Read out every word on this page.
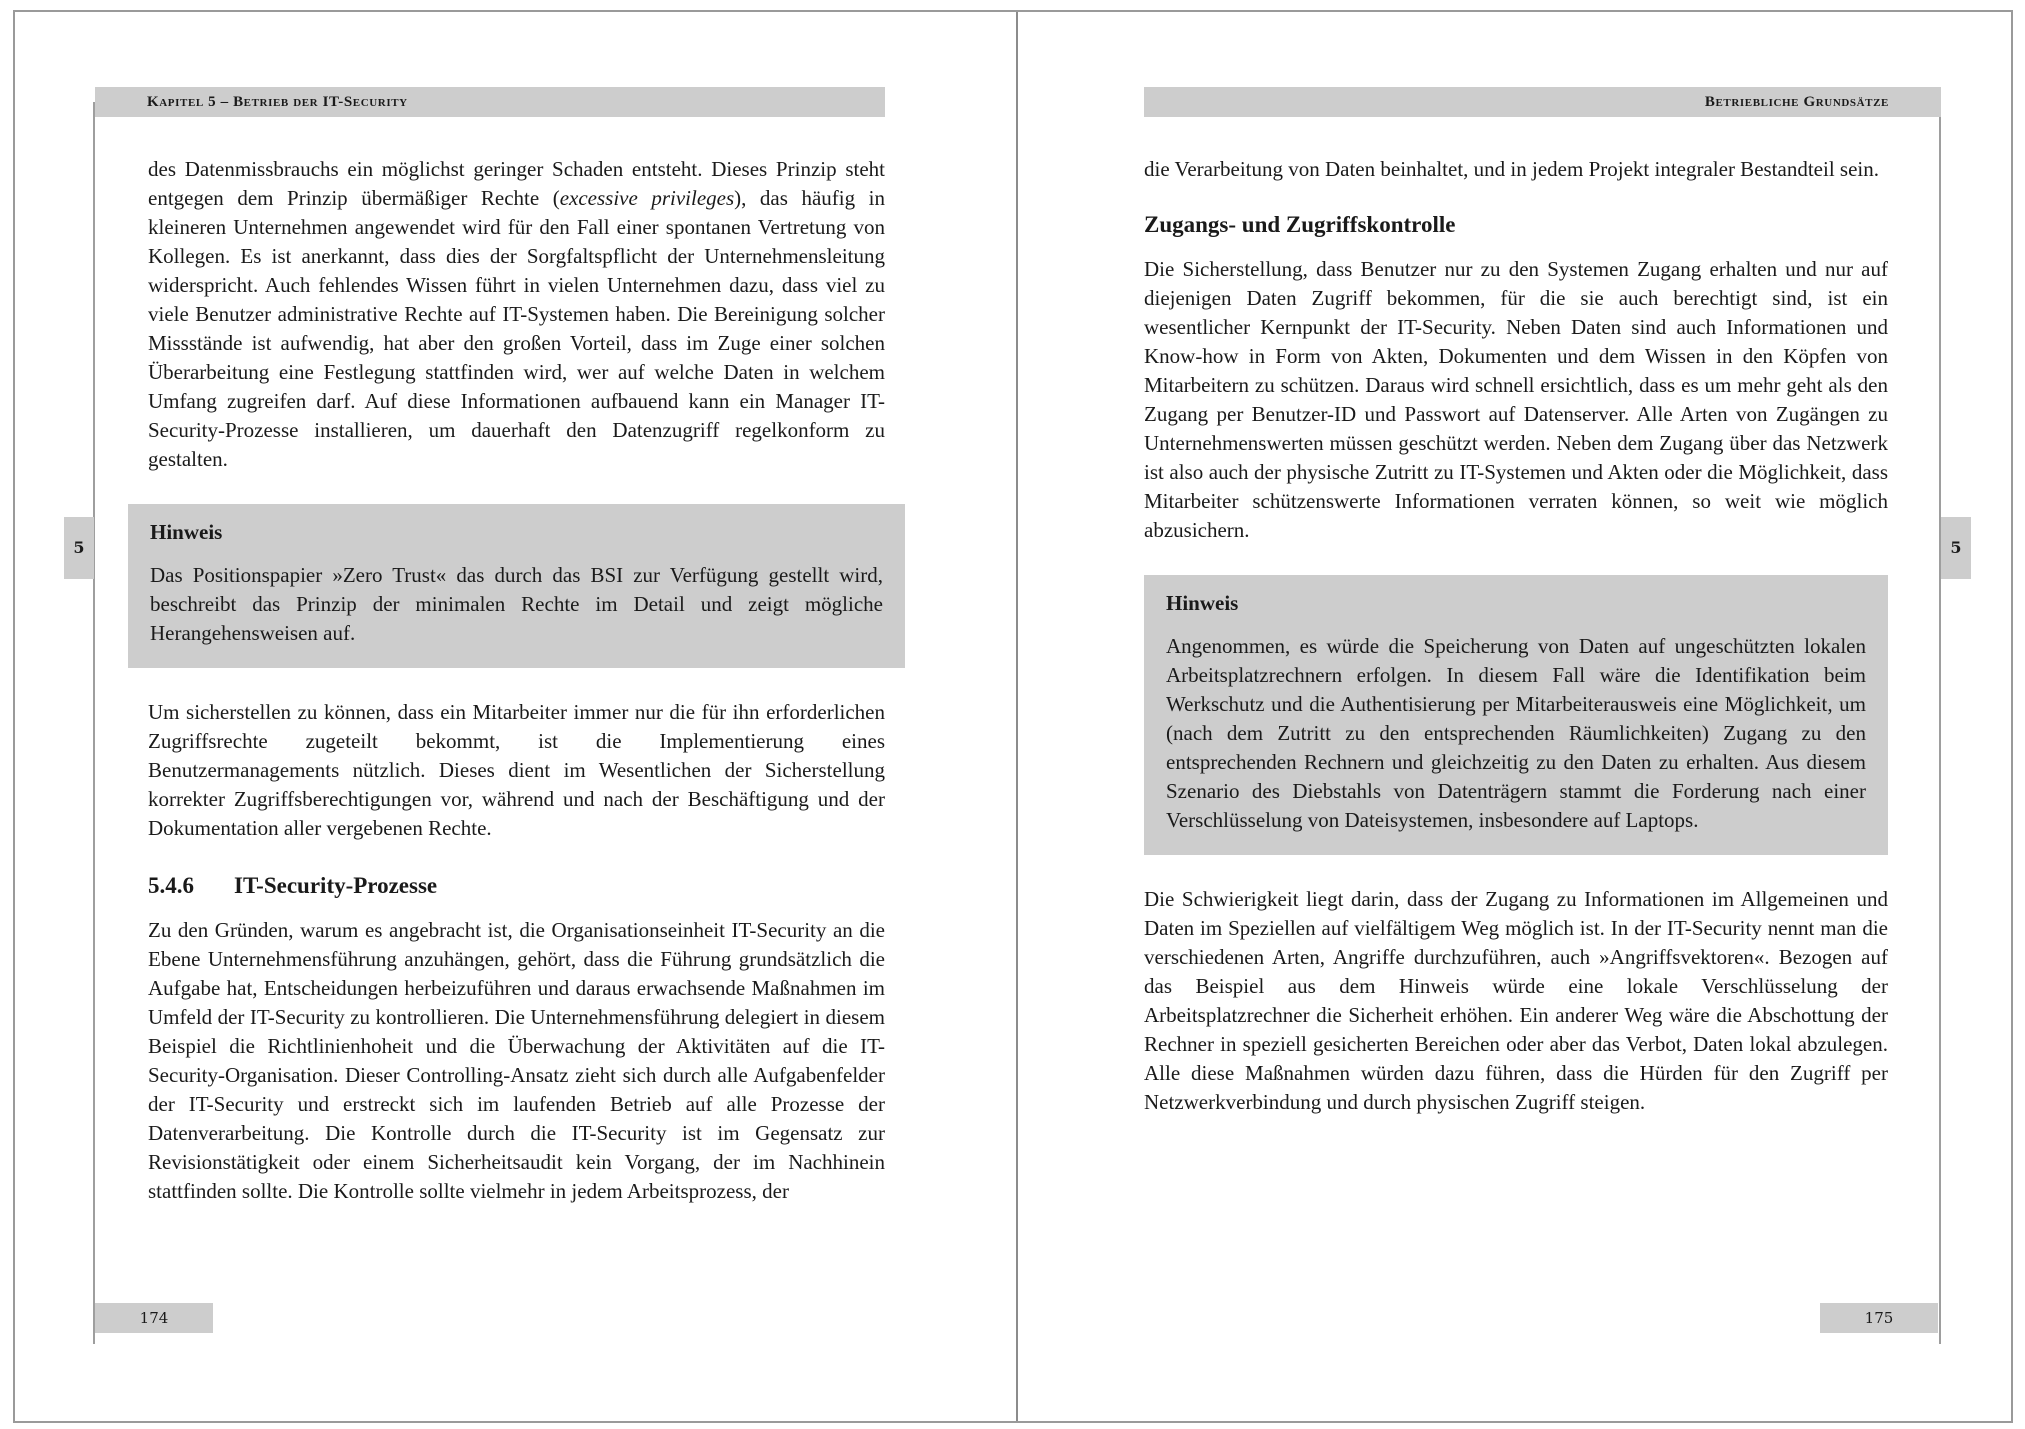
Kapitel 5 – Betrieb der IT-Security
5

des Datenmissbrauchs ein möglichst geringer Schaden entsteht. Dieses Prinzip steht entgegen dem Prinzip übermäßiger Rechte (excessive privileges), das häufig in kleineren Unternehmen angewendet wird für den Fall einer spontanen Vertretung von Kollegen. Es ist anerkannt, dass dies der Sorgfaltspflicht der Unternehmensleitung widerspricht. Auch fehlendes Wissen führt in vielen Unternehmen dazu, dass viel zu viele Benutzer administrative Rechte auf IT-Systemen haben. Die Bereinigung solcher Missstände ist aufwendig, hat aber den großen Vorteil, dass im Zuge einer solchen Überarbeitung eine Festlegung stattfinden wird, wer auf welche Daten in welchem Umfang zugreifen darf. Auf diese Informationen aufbauend kann ein Manager IT-Security-Prozesse installieren, um dauerhaft den Datenzugriff regelkonform zu gestalten.

Hinweis

Das Positionspapier »Zero Trust« das durch das BSI zur Verfügung gestellt wird, beschreibt das Prinzip der minimalen Rechte im Detail und zeigt mögliche Herangehensweisen auf.

Um sicherstellen zu können, dass ein Mitarbeiter immer nur die für ihn erforderlichen Zugriffsrechte zugeteilt bekommt, ist die Implementierung eines Benutzermanagements nützlich. Dieses dient im Wesentlichen der Sicherstellung korrekter Zugriffsberechtigungen vor, während und nach der Beschäftigung und der Dokumentation aller vergebenen Rechte.

5.4.6 IT-Security-Prozesse

Zu den Gründen, warum es angebracht ist, die Organisationseinheit IT-Security an die Ebene Unternehmensführung anzuhängen, gehört, dass die Führung grundsätzlich die Aufgabe hat, Entscheidungen herbeizuführen und daraus erwachsende Maßnahmen im Umfeld der IT-Security zu kontrollieren. Die Unternehmensführung delegiert in diesem Beispiel die Richtlinienhoheit und die Überwachung der Aktivitäten auf die IT-Security-Organisation. Dieser Controlling-Ansatz zieht sich durch alle Aufgabenfelder der IT-Security und erstreckt sich im laufenden Betrieb auf alle Prozesse der Datenverarbeitung. Die Kontrolle durch die IT-Security ist im Gegensatz zur Revisionstätigkeit oder einem Sicherheitsaudit kein Vorgang, der im Nachhinein stattfinden sollte. Die Kontrolle sollte vielmehr in jedem Arbeitsprozess, der

174
Betriebliche Grundsätze
5

die Verarbeitung von Daten beinhaltet, und in jedem Projekt integraler Bestandteil sein.

Zugangs- und Zugriffskontrolle

Die Sicherstellung, dass Benutzer nur zu den Systemen Zugang erhalten und nur auf diejenigen Daten Zugriff bekommen, für die sie auch berechtigt sind, ist ein wesentlicher Kernpunkt der IT-Security. Neben Daten sind auch Informationen und Know-how in Form von Akten, Dokumenten und dem Wissen in den Köpfen von Mitarbeitern zu schützen. Daraus wird schnell ersichtlich, dass es um mehr geht als den Zugang per Benutzer-ID und Passwort auf Datenserver. Alle Arten von Zugängen zu Unternehmenswerten müssen geschützt werden. Neben dem Zugang über das Netzwerk ist also auch der physische Zutritt zu IT-Systemen und Akten oder die Möglichkeit, dass Mitarbeiter schützenswerte Informationen verraten können, so weit wie möglich abzusichern.

Hinweis

Angenommen, es würde die Speicherung von Daten auf ungeschützten lokalen Arbeitsplatzrechnern erfolgen. In diesem Fall wäre die Identifikation beim Werkschutz und die Authentisierung per Mitarbeiterausweis eine Möglichkeit, um (nach dem Zutritt zu den entsprechenden Räumlichkeiten) Zugang zu den entsprechenden Rechnern und gleichzeitig zu den Daten zu erhalten. Aus diesem Szenario des Diebstahls von Datenträgern stammt die Forderung nach einer Verschlüsselung von Dateisystemen, insbesondere auf Laptops.

Die Schwierigkeit liegt darin, dass der Zugang zu Informationen im Allgemeinen und Daten im Speziellen auf vielfältigem Weg möglich ist. In der IT-Security nennt man die verschiedenen Arten, Angriffe durchzuführen, auch »Angriffsvektoren«. Bezogen auf das Beispiel aus dem Hinweis würde eine lokale Verschlüsselung der Arbeitsplatzrechner die Sicherheit erhöhen. Ein anderer Weg wäre die Abschottung der Rechner in speziell gesicherten Bereichen oder aber das Verbot, Daten lokal abzulegen. Alle diese Maßnahmen würden dazu führen, dass die Hürden für den Zugriff per Netzwerkverbindung und durch physischen Zugriff steigen.

175
